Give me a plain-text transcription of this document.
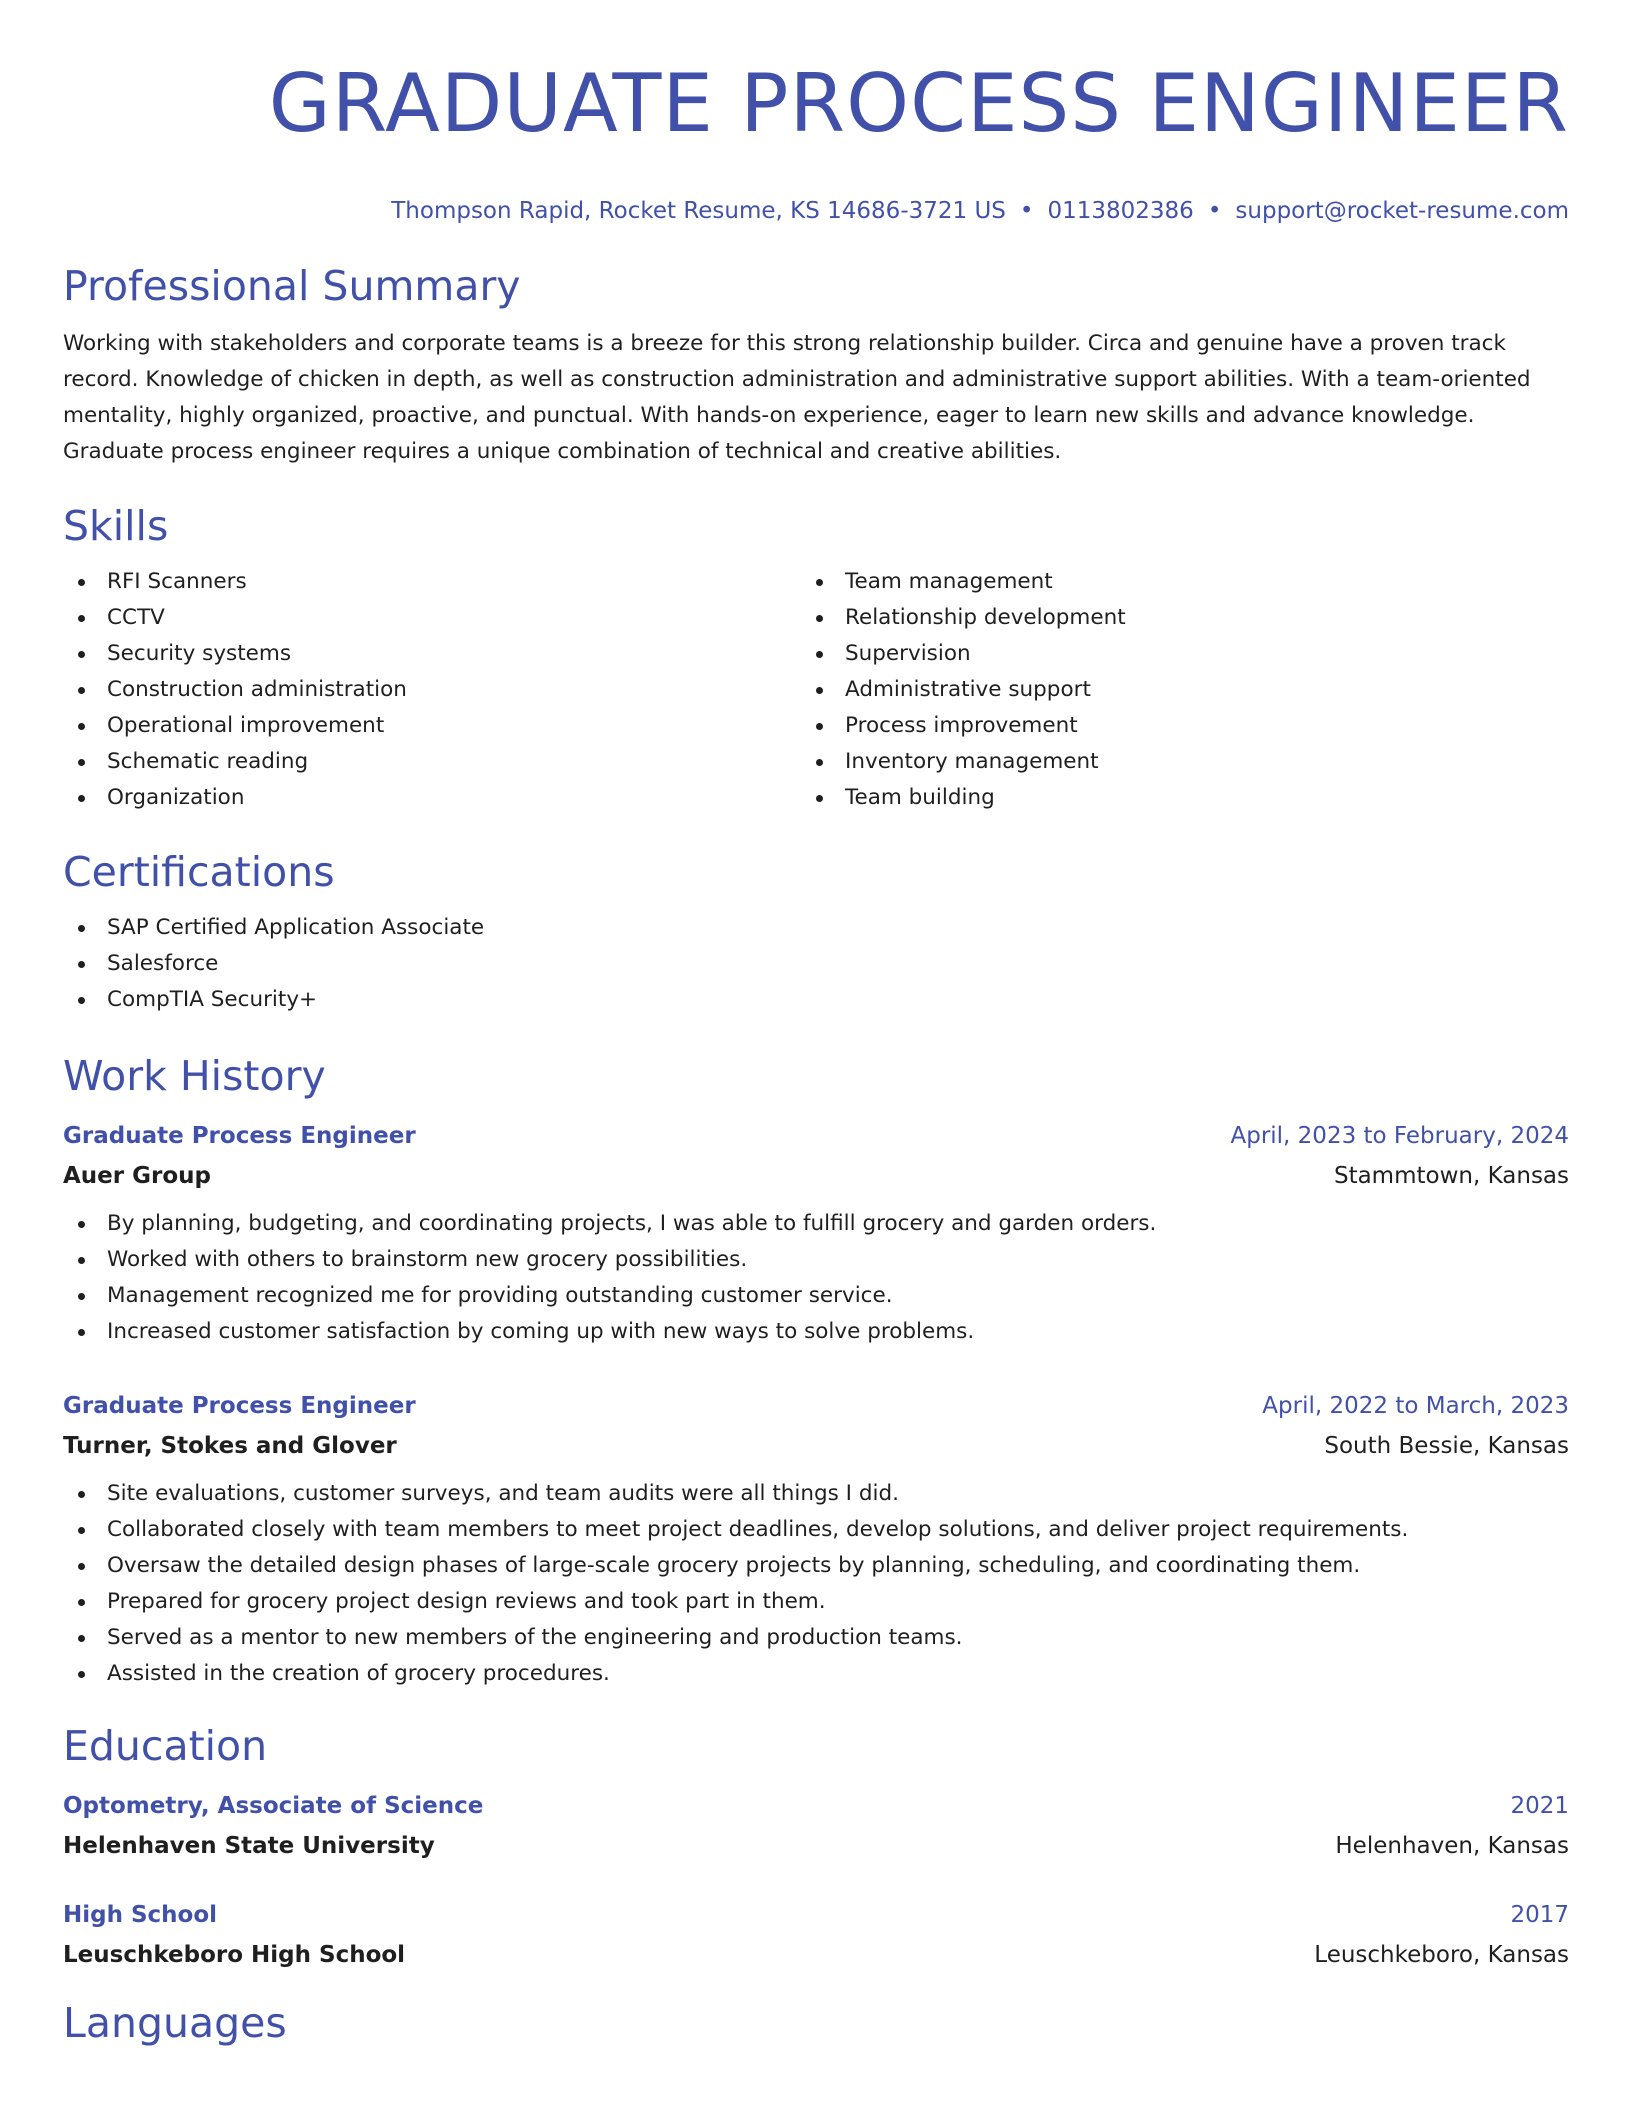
GRADUATE PROCESS ENGINEER
Thompson Rapid, Rocket Resume, KS 14686-3721 US • 0113802386 • support@rocket-resume.com
Professional Summary
Working with stakeholders and corporate teams is a breeze for this strong relationship builder. Circa and genuine have a proven track record. Knowledge of chicken in depth, as well as construction administration and administrative support abilities. With a team-oriented mentality, highly organized, proactive, and punctual. With hands-on experience, eager to learn new skills and advance knowledge. Graduate process engineer requires a unique combination of technical and creative abilities.
Skills
RFI Scanners
CCTV
Security systems
Construction administration
Operational improvement
Schematic reading
Organization
Team management
Relationship development
Supervision
Administrative support
Process improvement
Inventory management
Team building
Certifications
SAP Certified Application Associate
Salesforce
CompTIA Security+
Work History
Graduate Process Engineer	April, 2023 to February, 2024
Auer Group	Stammtown, Kansas
By planning, budgeting, and coordinating projects, I was able to fulfill grocery and garden orders.
Worked with others to brainstorm new grocery possibilities.
Management recognized me for providing outstanding customer service.
Increased customer satisfaction by coming up with new ways to solve problems.
Graduate Process Engineer	April, 2022 to March, 2023
Turner, Stokes and Glover	South Bessie, Kansas
Site evaluations, customer surveys, and team audits were all things I did.
Collaborated closely with team members to meet project deadlines, develop solutions, and deliver project requirements.
Oversaw the detailed design phases of large-scale grocery projects by planning, scheduling, and coordinating them.
Prepared for grocery project design reviews and took part in them.
Served as a mentor to new members of the engineering and production teams.
Assisted in the creation of grocery procedures.
Education
Optometry, Associate of Science	2021
Helenhaven State University	Helenhaven, Kansas
High School	2017
Leuschkeboro High School	Leuschkeboro, Kansas
Languages
